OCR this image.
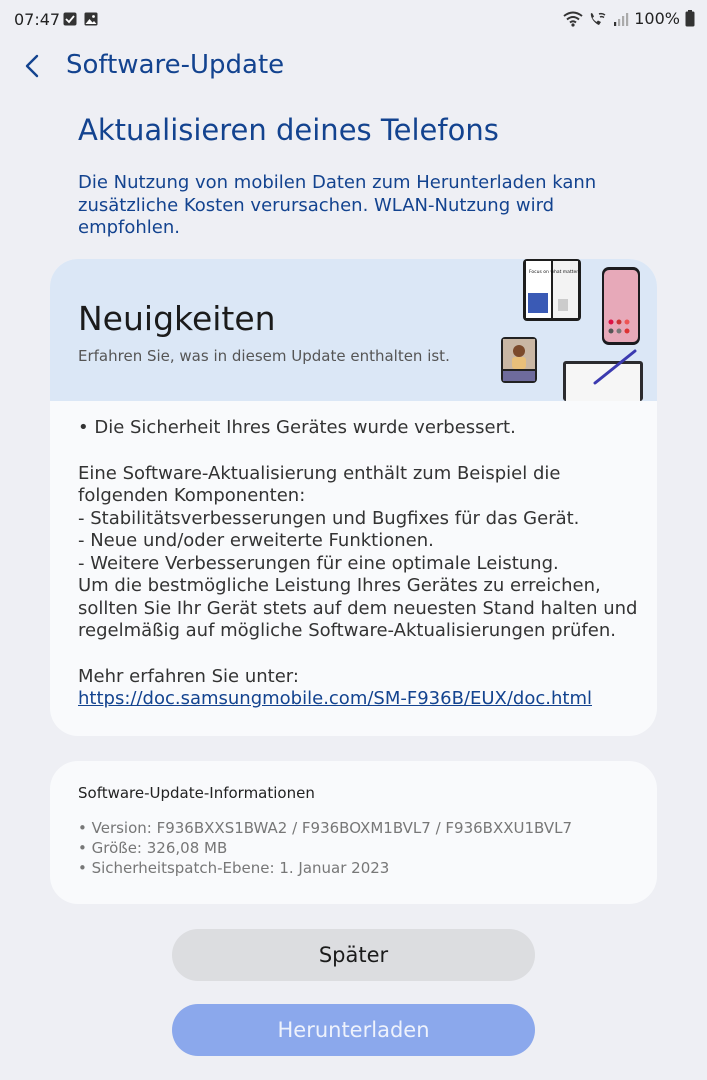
07:47	100%
Software-Update
Aktualisieren deines Telefons
Die Nutzung von mobilen Daten zum Herunterladen kann zusätzliche Kosten verursachen. WLAN-Nutzung wird empfohlen.
Neuigkeiten
Erfahren Sie, was in diesem Update enthalten ist.
Focus on what matters

• Die Sicherheit Ihres Gerätes wurde verbessert.

Eine Software-Aktualisierung enthält zum Beispiel die
folgenden Komponenten:
- Stabilitätsverbesserungen und Bugfixes für das Gerät.
- Neue und/oder erweiterte Funktionen.
- Weitere Verbesserungen für eine optimale Leistung.
Um die bestmögliche Leistung Ihres Gerätes zu erreichen,
sollten Sie Ihr Gerät stets auf dem neuesten Stand halten und
regelmäßig auf mögliche Software-Aktualisierungen prüfen.

Mehr erfahren Sie unter:

https://doc.samsungmobile.com/SM-F936B/EUX/doc.html

Software-Update-Informationen
• Version: F936BXXS1BWA2 / F936BOXM1BVL7 / F936BXXU1BVL7
• Größe: 326,08 MB
• Sicherheitspatch-Ebene: 1. Januar 2023
Später
Herunterladen
